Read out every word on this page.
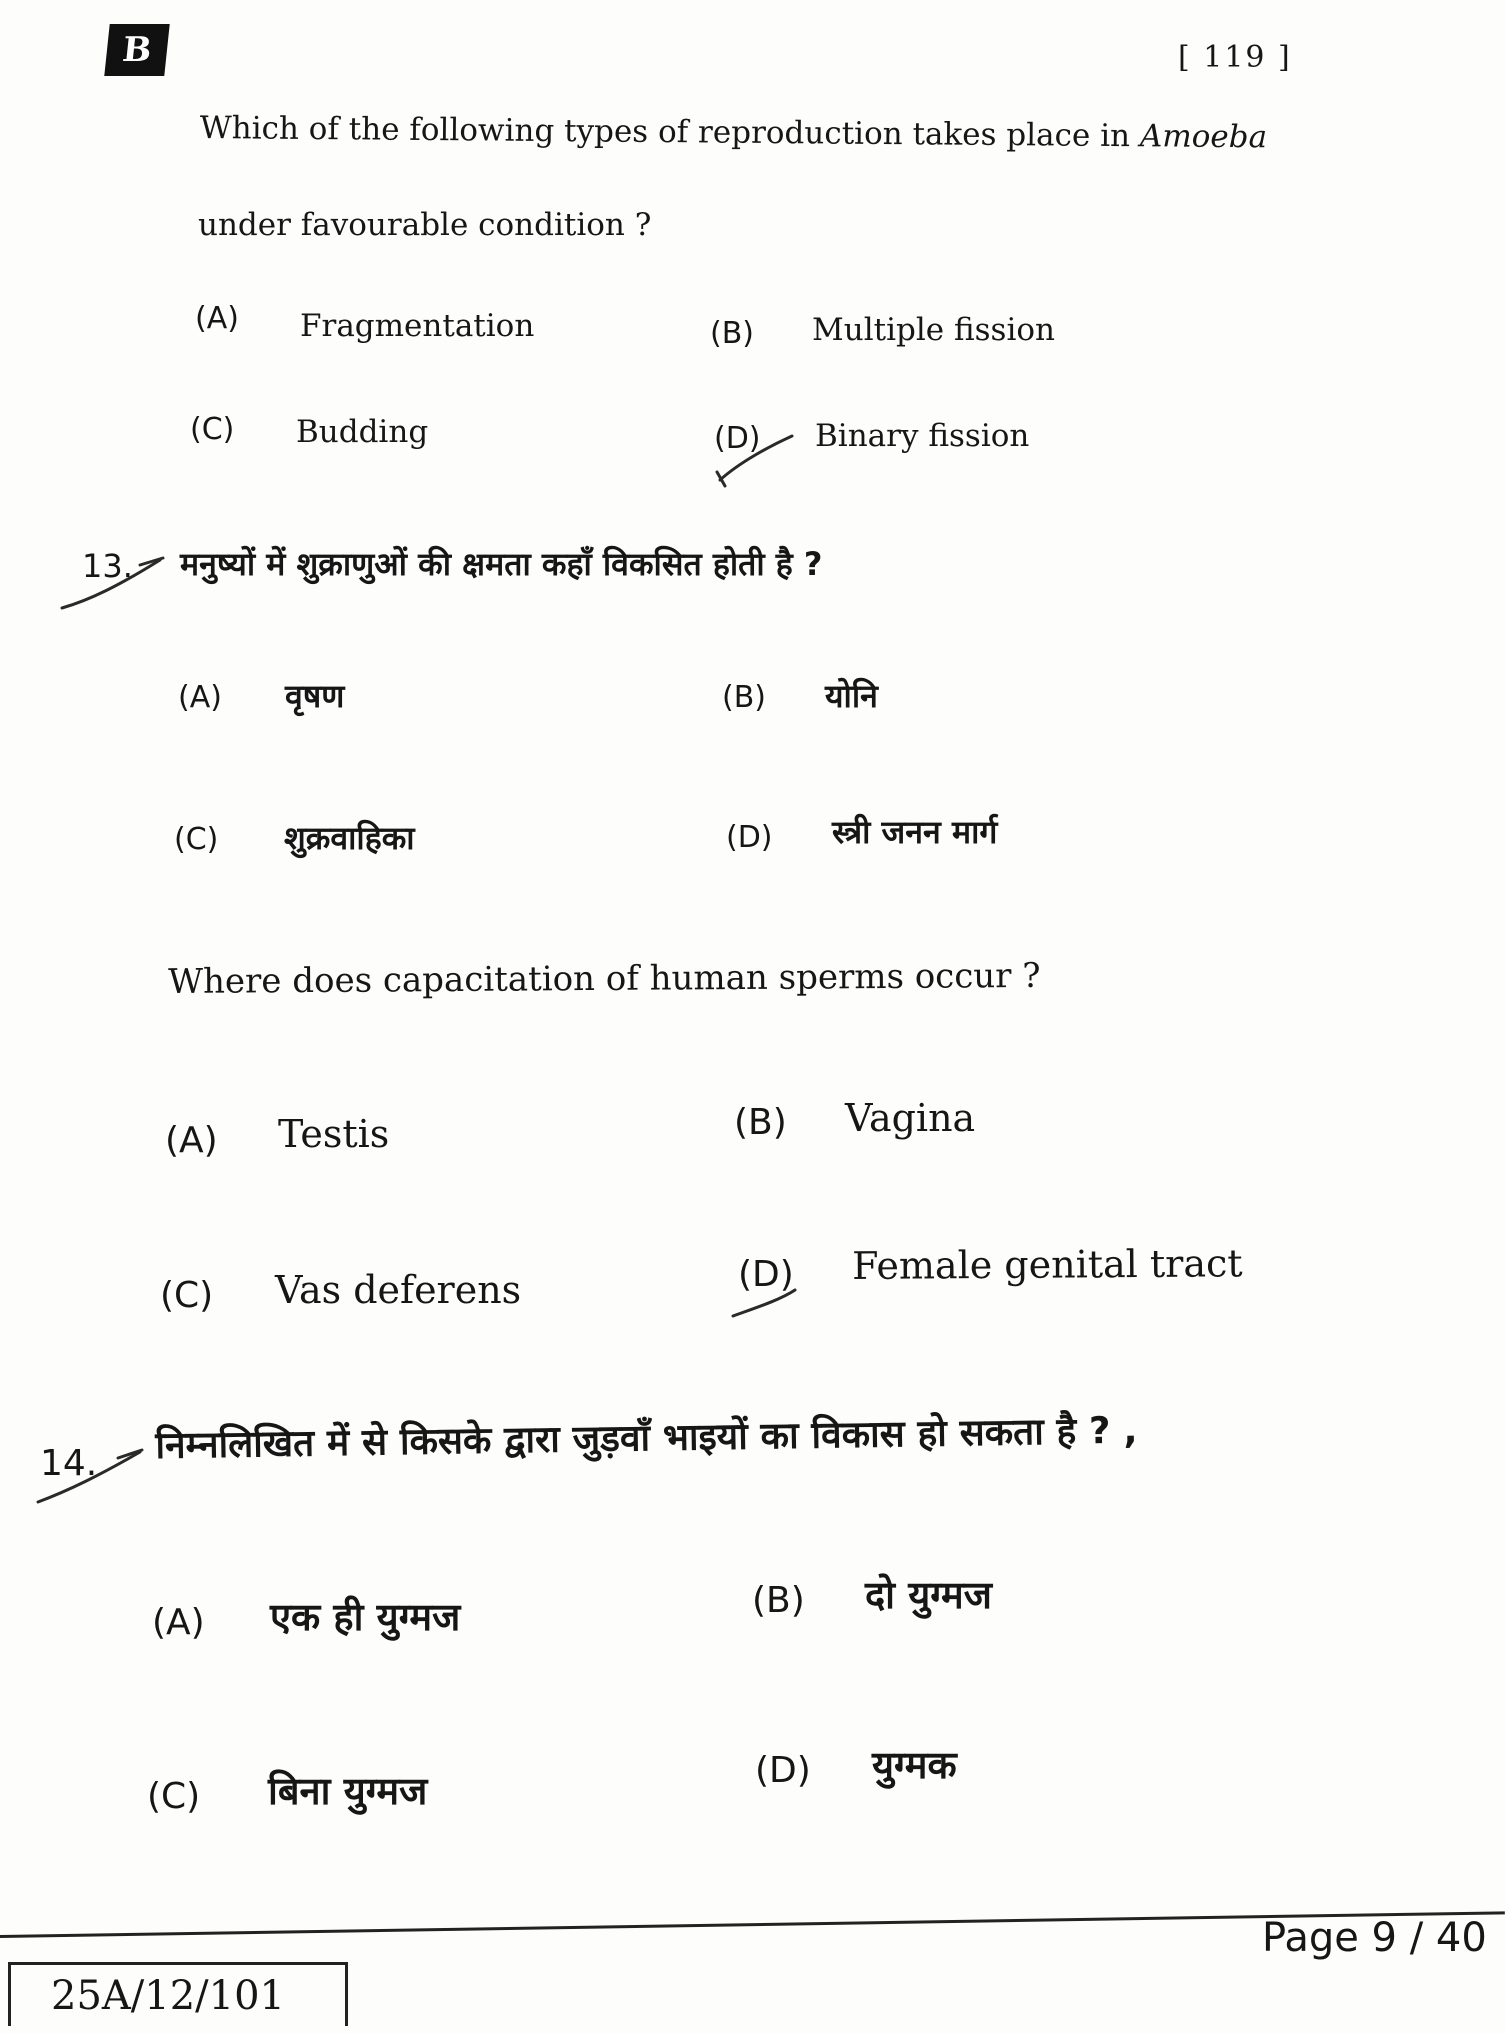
B	[ 119 ]
Which of the following types of reproduction takes place in Amoeba
under favourable condition ?
(A) Fragmentation	(B) Multiple fission
(C) Budding	(D) Binary fission
13. मनुष्यों में शुक्राणुओं की क्षमता कहाँ विकसित होती है ?
(A) वृषण	(B) योनि
(C) शुक्रवाहिका	(D) स्त्री जनन मार्ग
Where does capacitation of human sperms occur ?
(A) Testis	(B) Vagina
(C) Vas deferens	(D) Female genital tract
14. निम्नलिखित में से किसके द्वारा जुड़वाँ भाइयों का विकास हो सकता है ? ,
(A) एक ही युग्मज	(B) दो युग्मज
(C) बिना युग्मज	(D) युग्मक
25A/12/101
Page 9 / 40
